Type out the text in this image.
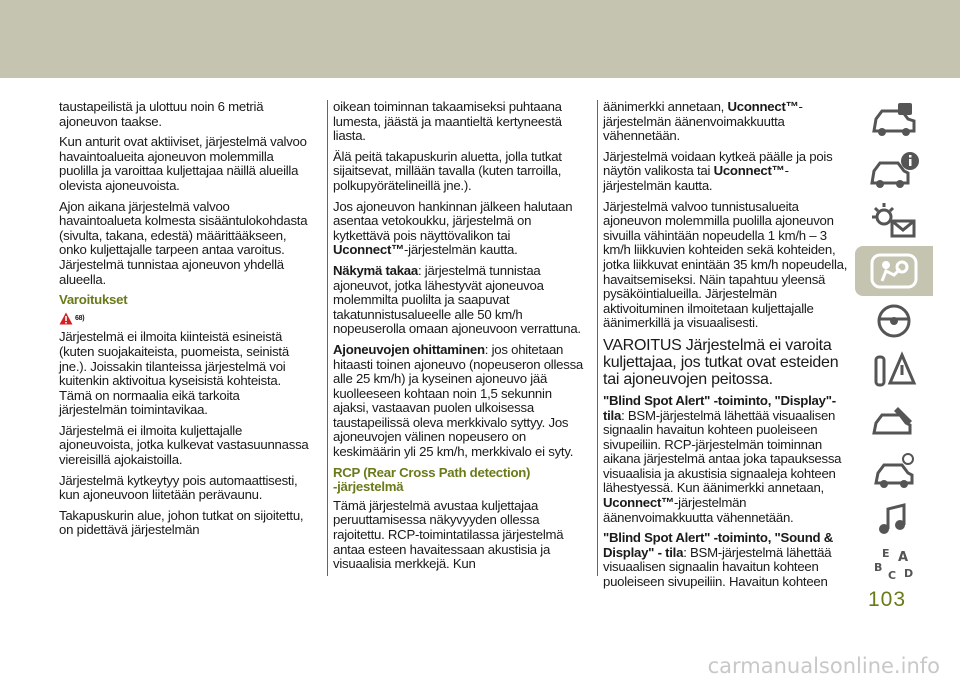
taustapeilistä ja ulottuu noin 6 metriä ajoneuvon taakse.

Kun anturit ovat aktiiviset, järjestelmä valvoo havaintoalueita ajoneuvon molemmilla puolilla ja varoittaa kuljettajaa näillä alueilla olevista ajoneuvoista.

Ajon aikana järjestelmä valvoo havaintoalueta kolmesta sisääntulokohdasta (sivulta, takana, edestä) määrittääkseen, onko kuljettajalle tarpeen antaa varoitus. Järjestelmä tunnistaa ajoneuvon yhdellä alueella.

Varoitukset
68)

Järjestelmä ei ilmoita kiinteistä esineistä (kuten suojakaiteista, puomeista, seinistä jne.). Joissakin tilanteissa järjestelmä voi kuitenkin aktivoitua kyseisistä kohteista. Tämä on normaalia eikä tarkoita järjestelmän toimintavikaa.

Järjestelmä ei ilmoita kuljettajalle ajoneuvoista, jotka kulkevat vastasuunnassa viereisillä ajokaistoilla.

Järjestelmä kytkeytyy pois automaattisesti, kun ajoneuvoon liitetään perävaunu.

Takapuskurin alue, johon tutkat on sijoitettu, on pidettävä järjestelmän

oikean toiminnan takaamiseksi puhtaana lumesta, jäästä ja maantieltä kertyneestä liasta.

Älä peitä takapuskurin aluetta, jolla tutkat sijaitsevat, millään tavalla (kuten tarroilla, polkupyörätelineillä jne.).

Jos ajoneuvon hankinnan jälkeen halutaan asentaa vetokoukku, järjestelmä on kytkettävä pois näyttövalikon tai Uconnect™-järjestelmän kautta.

Näkymä takaa: järjestelmä tunnistaa ajoneuvot, jotka lähestyvät ajoneuvoa molemmilta puolilta ja saapuvat takatunnistusalueelle alle 50 km/h nopeuserolla omaan ajoneuvoon verrattuna.

Ajoneuvojen ohittaminen: jos ohitetaan hitaasti toinen ajoneuvo (nopeuseron ollessa alle 25 km/h) ja kyseinen ajoneuvo jää kuolleeseen kohtaan noin 1,5 sekunnin ajaksi, vastaavan puolen ulkoisessa taustapeilissä oleva merkkivalo syttyy. Jos ajoneuvojen välinen nopeusero on keskimäärin yli 25 km/h, merkkivalo ei syty.

RCP (Rear Cross Path detection)
-järjestelmä

Tämä järjestelmä avustaa kuljettajaa peruuttamisessa näkyvyyden ollessa rajoitettu. RCP-toimintatilassa järjestelmä antaa esteen havaitessaan akustisia ja visuaalisia merkkejä. Kun

äänimerkki annetaan, Uconnect™-järjestelmän äänenvoimakkuutta vähennetään.

Järjestelmä voidaan kytkeä päälle ja pois näytön valikosta tai Uconnect™-järjestelmän kautta.

Järjestelmä valvoo tunnistusalueita ajoneuvon molemmilla puolilla ajoneuvon sivuilla vähintään nopeudella 1 km/h – 3 km/h liikkuvien kohteiden sekä kohteiden, jotka liikkuvat enintään 35 km/h nopeudella, havaitsemiseksi. Näin tapahtuu yleensä pysäköintialueilla. Järjestelmän aktivoituminen ilmoitetaan kuljettajalle äänimerkillä ja visuaalisesti.

VAROITUS Järjestelmä ei varoita kuljettajaa, jos tutkat ovat esteiden tai ajoneuvojen peitossa.

"Blind Spot Alert" -toiminto, "Display"-tila: BSM-järjestelmä lähettää visuaalisen signaalin havaitun kohteen puoleiseen sivupeiliin. RCP-järjestelmän toiminnan aikana järjestelmä antaa joka tapauksessa visuaalisia ja akustisia signaaleja kohteen lähestyessä. Kun äänimerkki annetaan, Uconnect™-järjestelmän äänenvoimakkuutta vähennetään.

"Blind Spot Alert" -toiminto, "Sound & Display" - tila: BSM-järjestelmä lähettää visuaalisen signaalin havaitun kohteen puoleiseen sivupeiliin. Havaitun kohteen

E A
B
C D
103
carmanualsonline.info
